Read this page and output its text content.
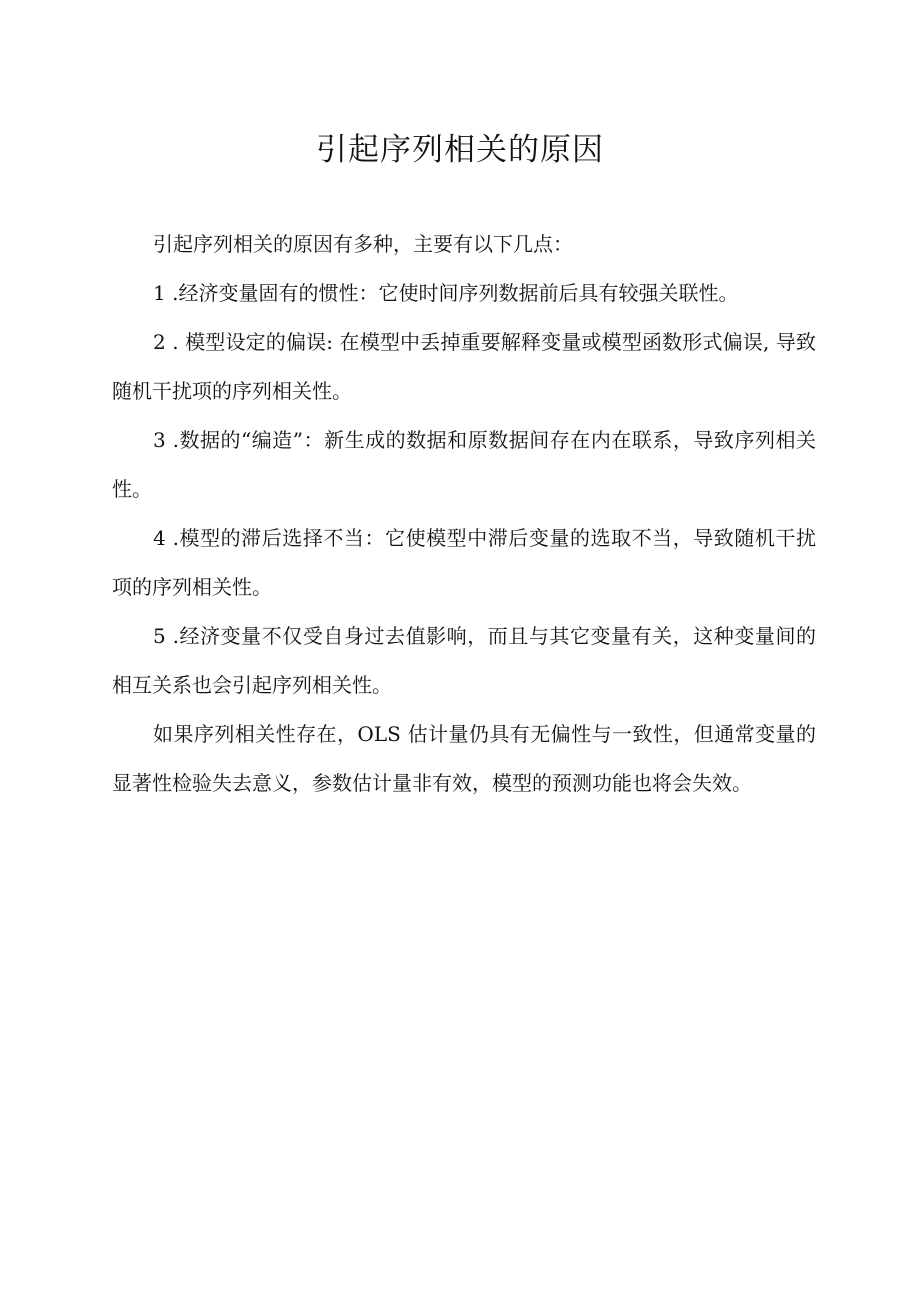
引起序列相关的原因

引起序列相关的原因有多种，主要有以下几点：

1 .经济变量固有的惯性：它使时间序列数据前后具有较强关联性。

2 . 模型设定的偏误: 在模型中丢掉重要解释变量或模型函数形式偏误, 导致随机干扰项的序列相关性。

3 .数据的“编造”：新生成的数据和原数据间存在内在联系，导致序列相关性。

4 .模型的滞后选择不当：它使模型中滞后变量的选取不当，导致随机干扰项的序列相关性。

5 .经济变量不仅受自身过去值影响，而且与其它变量有关，这种变量间的相互关系也会引起序列相关性。

如果序列相关性存在，OLS 估计量仍具有无偏性与一致性，但通常变量的显著性检验失去意义，参数估计量非有效，模型的预测功能也将会失效。
